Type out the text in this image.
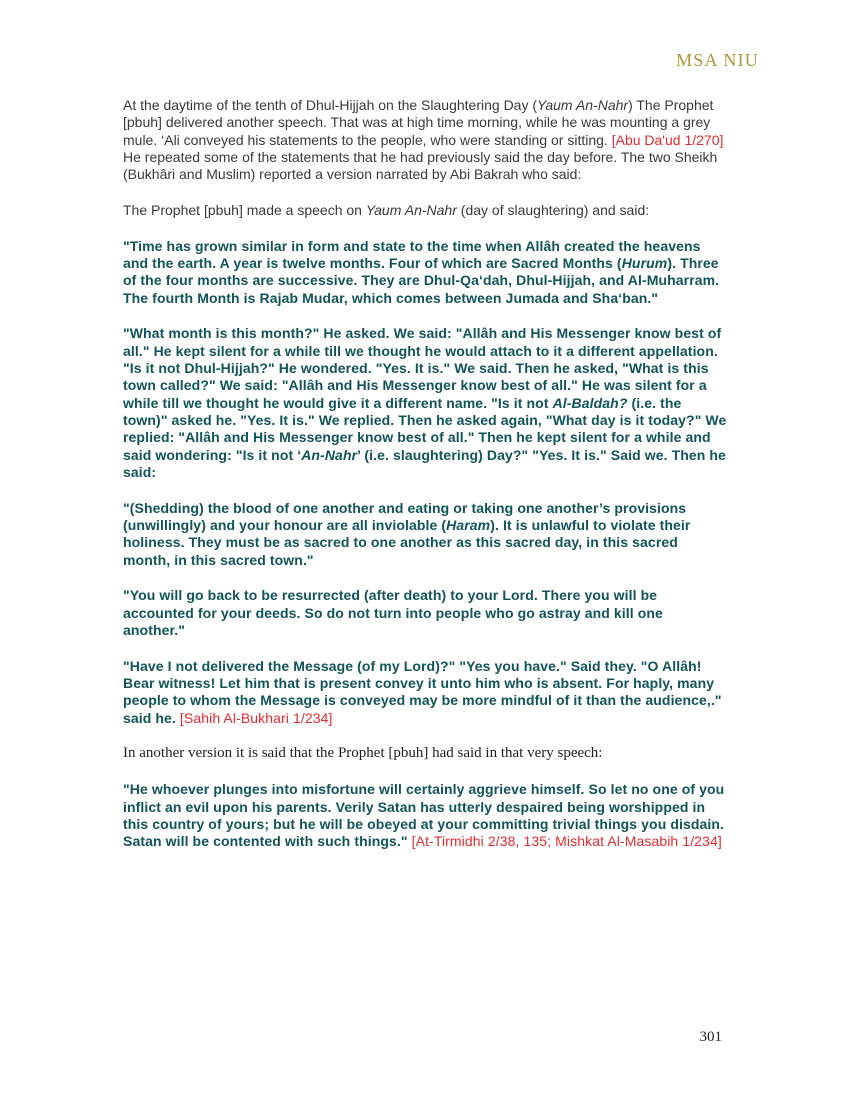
MSA NIU

At the daytime of the tenth of Dhul-Hijjah on the Slaughtering Day (Yaum An-Nahr) The Prophet [pbuh] delivered another speech. That was at high time morning, while he was mounting a grey mule. ‘Ali conveyed his statements to the people, who were standing or sitting. [Abu Da'ud 1/270] He repeated some of the statements that he had previously said the day before. The two Sheikh (Bukhâri and Muslim) reported a version narrated by Abi Bakrah who said:

The Prophet [pbuh] made a speech on Yaum An-Nahr (day of slaughtering) and said:

"Time has grown similar in form and state to the time when Allâh created the heavens and the earth. A year is twelve months. Four of which are Sacred Months (Hurum). Three of the four months are successive. They are Dhul-Qa‘dah, Dhul-Hijjah, and Al-Muharram. The fourth Month is Rajab Mudar, which comes between Jumada and Sha‘ban."

"What month is this month?" He asked. We said: "Allâh and His Messenger know best of all." He kept silent for a while till we thought he would attach to it a different appellation. "Is it not Dhul-Hijjah?" He wondered. "Yes. It is." We said. Then he asked, "What is this town called?" We said: "Allâh and His Messenger know best of all." He was silent for a while till we thought he would give it a different name. "Is it not Al-Baldah? (i.e. the town)" asked he. "Yes. It is." We replied. Then he asked again, "What day is it today?" We replied: "Allâh and His Messenger know best of all." Then he kept silent for a while and said wondering: "Is it not ‘An-Nahr’ (i.e. slaughtering) Day?" "Yes. It is." Said we. Then he said:

"(Shedding) the blood of one another and eating or taking one another’s provisions (unwillingly) and your honour are all inviolable (Haram). It is unlawful to violate their holiness. They must be as sacred to one another as this sacred day, in this sacred month, in this sacred town."

"You will go back to be resurrected (after death) to your Lord. There you will be accounted for your deeds. So do not turn into people who go astray and kill one another."

"Have I not delivered the Message (of my Lord)?" "Yes you have." Said they. "O Allâh! Bear witness! Let him that is present convey it unto him who is absent. For haply, many people to whom the Message is conveyed may be more mindful of it than the audience,." said he. [Sahih Al-Bukhari 1/234]

In another version it is said that the Prophet [pbuh] had said in that very speech:

"He whoever plunges into misfortune will certainly aggrieve himself. So let no one of you inflict an evil upon his parents. Verily Satan has utterly despaired being worshipped in this country of yours; but he will be obeyed at your committing trivial things you disdain. Satan will be contented with such things." [At-Tirmidhi 2/38, 135; Mishkat Al-Masabih 1/234]

301
